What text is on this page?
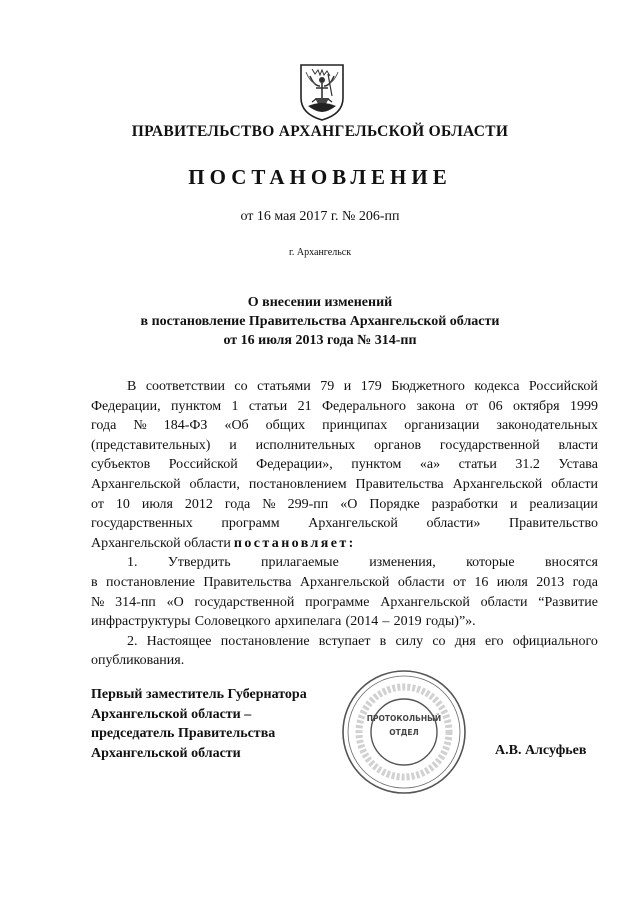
ПРАВИТЕЛЬСТВО АРХАНГЕЛЬСКОЙ ОБЛАСТИ
ПОСТАНОВЛЕНИЕ
от 16 мая 2017 г. № 206-пп
г. Архангельск
О внесении изменений
в постановление Правительства Архангельской области
от 16 июля 2013 года № 314-пп
В соответствии со статьями 79 и 179 Бюджетного кодекса Российской
Федерации, пунктом 1 статьи 21 Федерального закона от 06 октября 1999
года № 184-ФЗ «Об общих принципах организации законодательных
(представительных) и исполнительных органов государственной власти
субъектов Российской Федерации», пунктом «а» статьи 31.2 Устава
Архангельской области, постановлением Правительства Архангельской области
от 10 июля 2012 года № 299-пп «О Порядке разработки и реализации
государственных программ Архангельской области» Правительство
Архангельской области постановляет:
1. Утвердить прилагаемые изменения, которые вносятся
в постановление Правительства Архангельской области от 16 июля 2013 года
№ 314-пп «О государственной программе Архангельской области “Развитие
инфраструктуры Соловецкого архипелага (2014 – 2019 годы)”».
2. Настоящее постановление вступает в силу со дня его официального
опубликования.
Первый заместитель Губернатора
Архангельской области –
председатель Правительства
Архангельской области
ПРОТОКОЛЬНЫЙ
ОТДЕЛ
А.В. Алсуфьев
